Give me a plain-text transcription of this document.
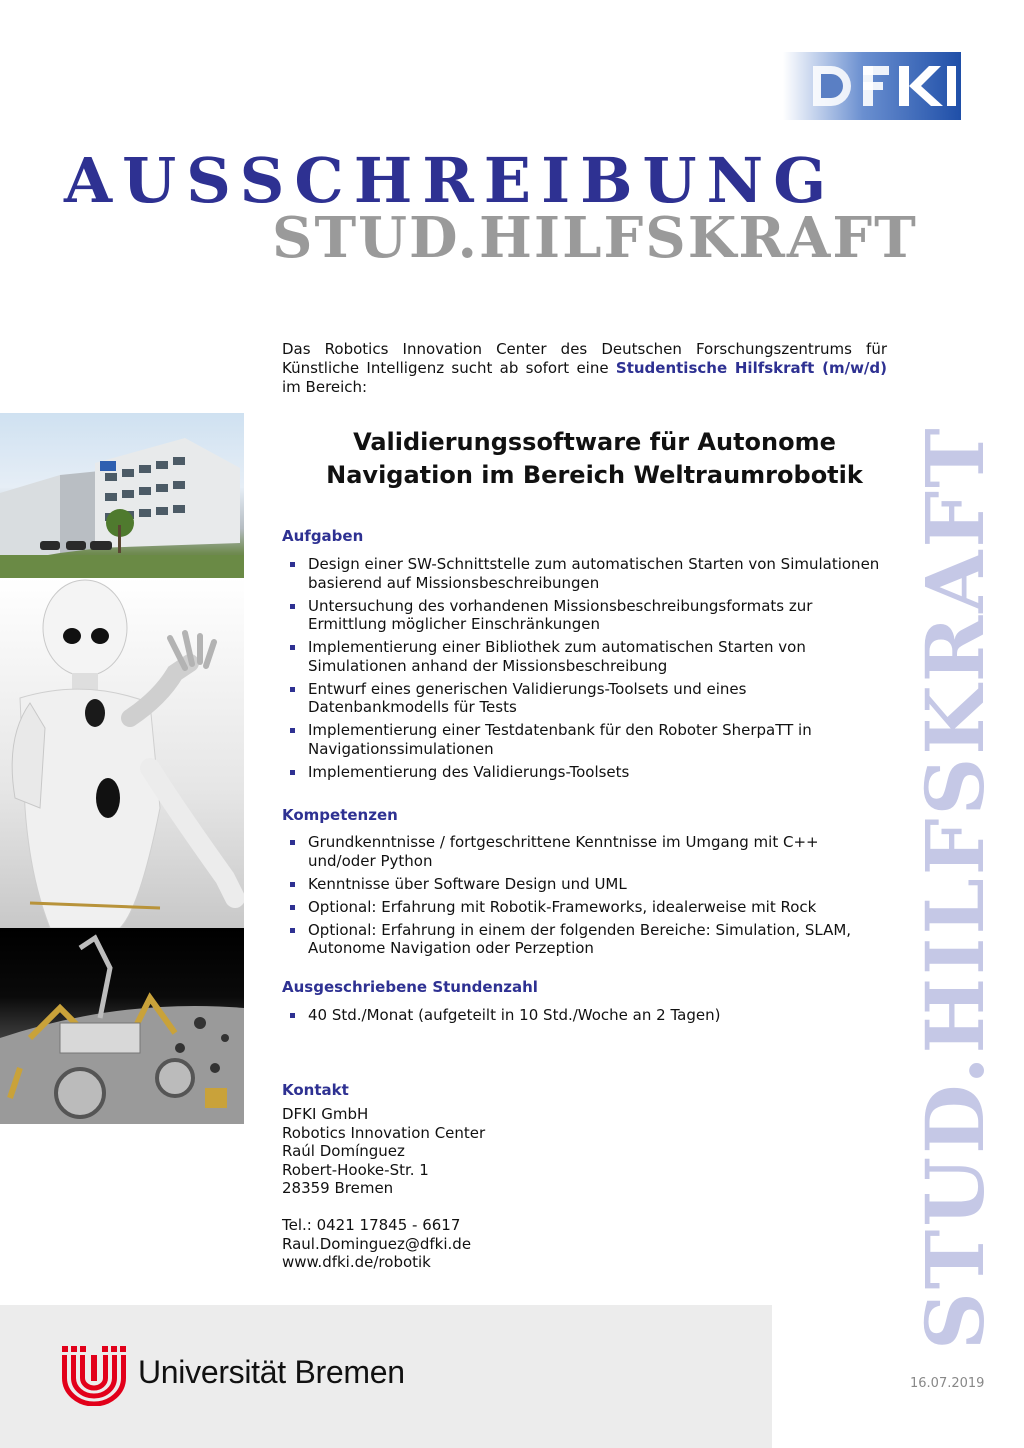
AUSSCHREIBUNG
STUD.HILFSKRAFT
STUD.HILFSKRAFT

Das Robotics Innovation Center des Deutschen Forschungszentrums für Künstliche Intelligenz sucht ab sofort eine Studentische Hilfskraft (m/w/d) im Bereich:

Validierungssoftware für Autonome
Navigation im Bereich Weltraumrobotik
Aufgaben
Design einer SW-Schnittstelle zum automatischen Starten von Simulationen basierend auf Missionsbeschreibungen
Untersuchung des vorhandenen Missionsbeschreibungsformats zur Ermittlung möglicher Einschränkungen
Implementierung einer Bibliothek zum automatischen Starten von Simulationen anhand der Missionsbeschreibung
Entwurf eines generischen Validierungs-Toolsets und eines Datenbankmodells für Tests
Implementierung einer Testdatenbank für den Roboter SherpaTT in Navigationssimulationen
Implementierung des Validierungs-Toolsets
Kompetenzen
Grundkenntnisse / fortgeschrittene Kenntnisse im Umgang mit C++ und/oder Python
Kenntnisse über Software Design und UML
Optional: Erfahrung mit Robotik-Frameworks, idealerweise mit Rock
Optional: Erfahrung in einem der folgenden Bereiche: Simulation, SLAM, Autonome Navigation oder Perzeption
Ausgeschriebene Stundenzahl
40 Std./Monat (aufgeteilt in 10 Std./Woche an 2 Tagen)
Kontakt
DFKI GmbH
Robotics Innovation Center
Raúl Domínguez
Robert-Hooke-Str. 1
28359 Bremen
Tel.: 0421 17845 - 6617
Raul.Dominguez@dfki.de
www.dfki.de/robotik
Universität Bremen	16.07.2019
